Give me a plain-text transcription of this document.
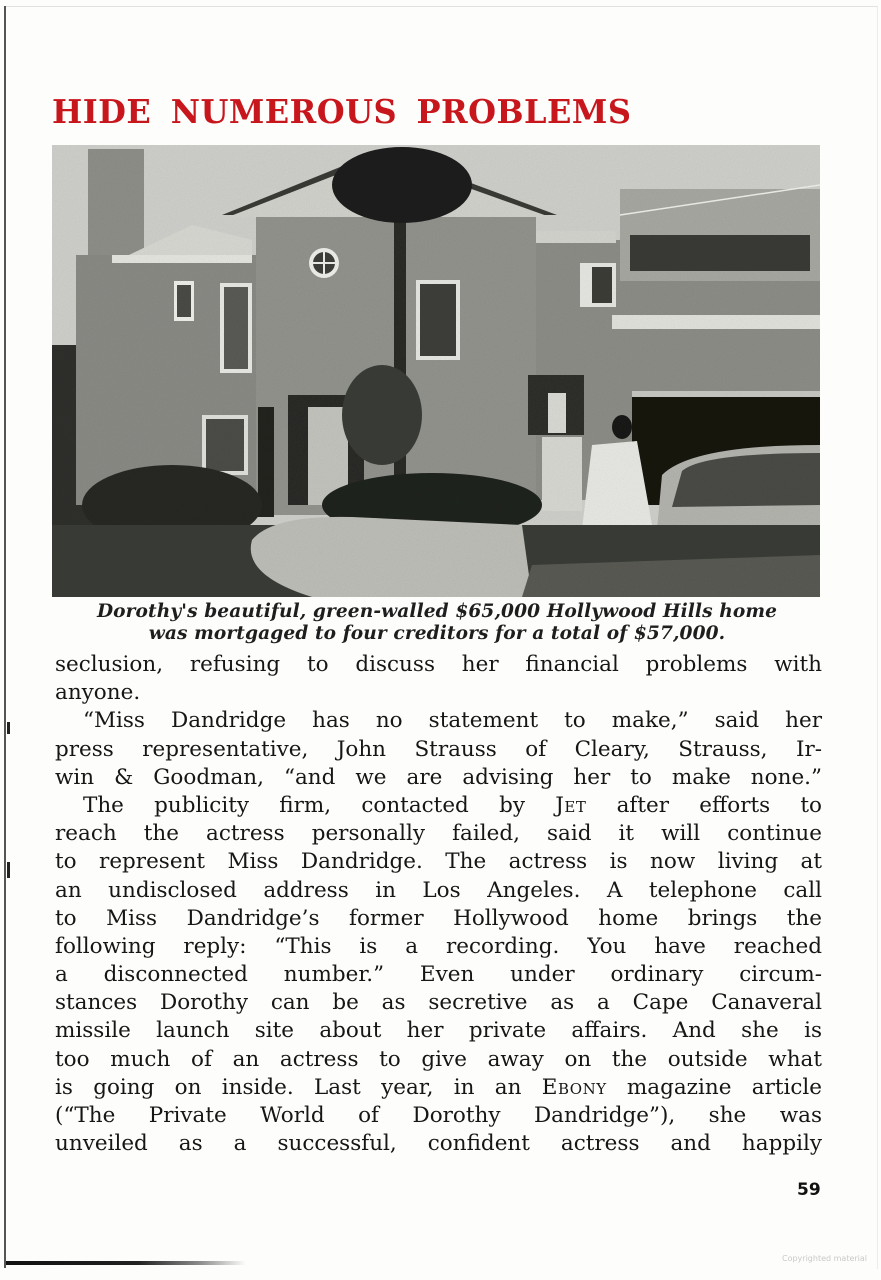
HIDE NUMEROUS PROBLEMS
Dorothy's beautiful, green-walled $65,000 Hollywood Hills home
was mortgaged to four creditors for a total of $57,000.
seclusion, refusing to discuss her financial problems with
anyone.
“Miss Dandridge has no statement to make,” said her
press representative, John Strauss of Cleary, Strauss, Ir-
win & Goodman, “and we are advising her to make none.”
The publicity firm, contacted by Jet after efforts to
reach the actress personally failed, said it will continue
to represent Miss Dandridge. The actress is now living at
an undisclosed address in Los Angeles. A telephone call
to Miss Dandridge’s former Hollywood home brings the
following reply: “This is a recording. You have reached
a disconnected number.” Even under ordinary circum-
stances Dorothy can be as secretive as a Cape Canaveral
missile launch site about her private affairs. And she is
too much of an actress to give away on the outside what
is going on inside. Last year, in an Ebony magazine article
(“The Private World of Dorothy Dandridge”), she was
unveiled as a successful, confident actress and happily
59
Copyrighted material
